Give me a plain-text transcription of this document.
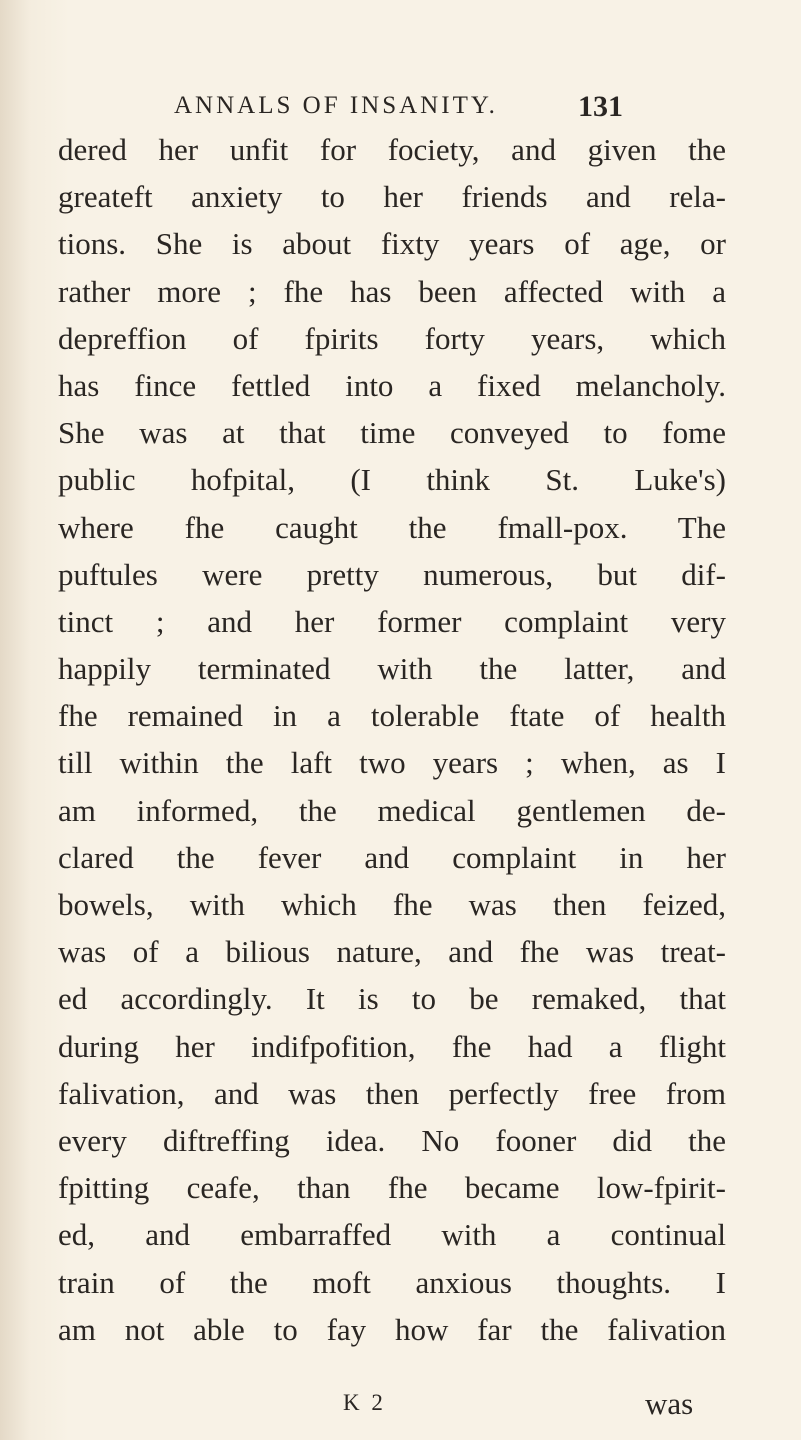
ANNALS OF INSANITY.	131
dered her unfit for fociety, and given the
greateft anxiety to her friends and rela-
tions. She is about fixty years of age, or
rather more ; fhe has been affected with a
depreffion of fpirits forty years, which
has fince fettled into a fixed melancholy.
She was at that time conveyed to fome
public hofpital, (I think St. Luke's)
where fhe caught the fmall-pox. The
puftules were pretty numerous, but dif-
tinct ; and her former complaint very
happily terminated with the latter, and
fhe remained in a tolerable ftate of health
till within the laft two years ; when, as I
am informed, the medical gentlemen de-
clared the fever and complaint in her
bowels, with which fhe was then feized,
was of a bilious nature, and fhe was treat-
ed accordingly. It is to be remaked, that
during her indifpofition, fhe had a flight
falivation, and was then perfectly free from
every diftreffing idea. No fooner did the
fpitting ceafe, than fhe became low-fpirit-
ed, and embarraffed with a continual
train of the moft anxious thoughts. I
am not able to fay how far the falivation
K 2	was
